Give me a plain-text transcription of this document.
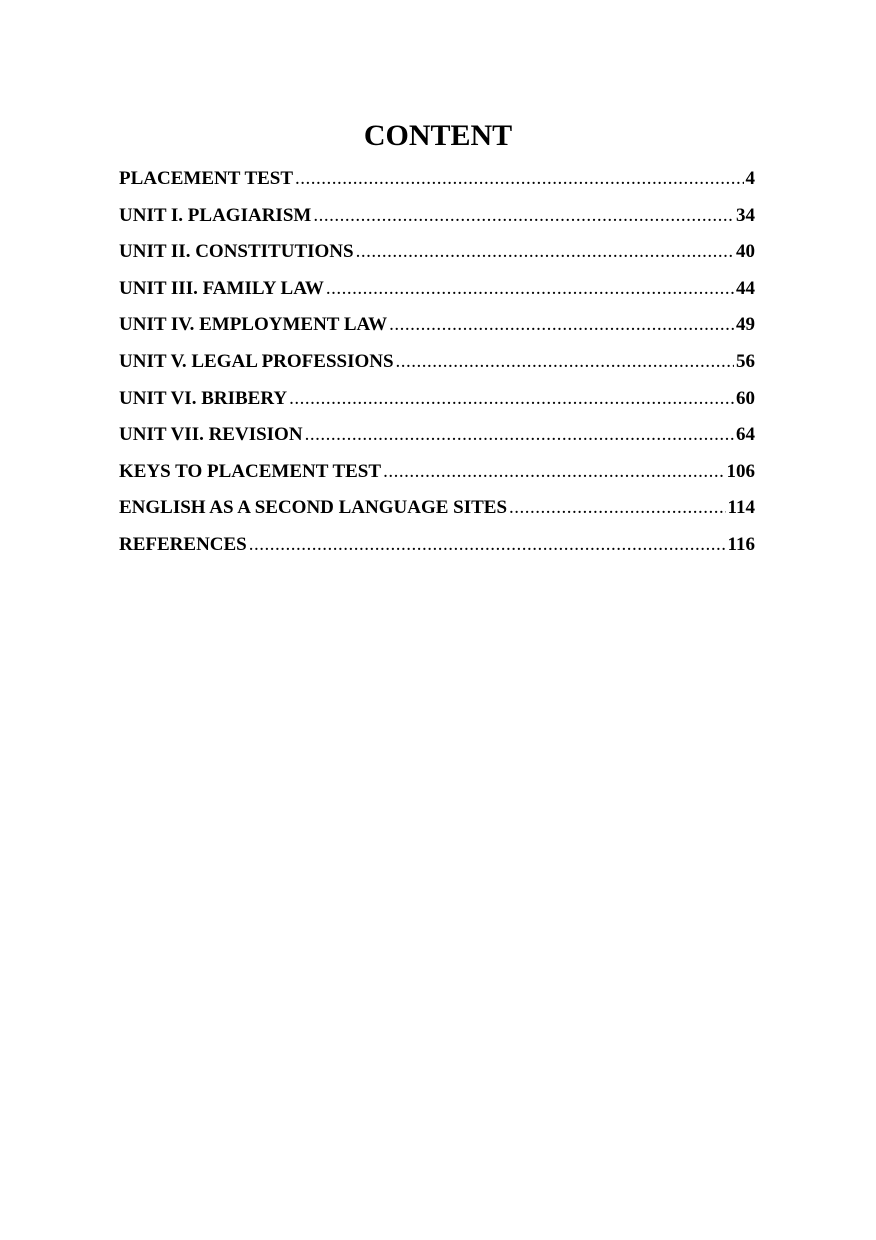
CONTENT
PLACEMENT TEST .....	4
UNIT I. PLAGIARISM .....	34
UNIT II. CONSTITUTIONS .....	40
UNIT III. FAMILY LAW .....	44
UNIT IV. EMPLOYMENT LAW .....	49
UNIT V. LEGAL PROFESSIONS .....	56
UNIT VI. BRIBERY .....	60
UNIT VII. REVISION .....	64
KEYS TO PLACEMENT TEST .....	106
ENGLISH AS A SECOND LANGUAGE SITES .....	114
REFERENCES .....	116
